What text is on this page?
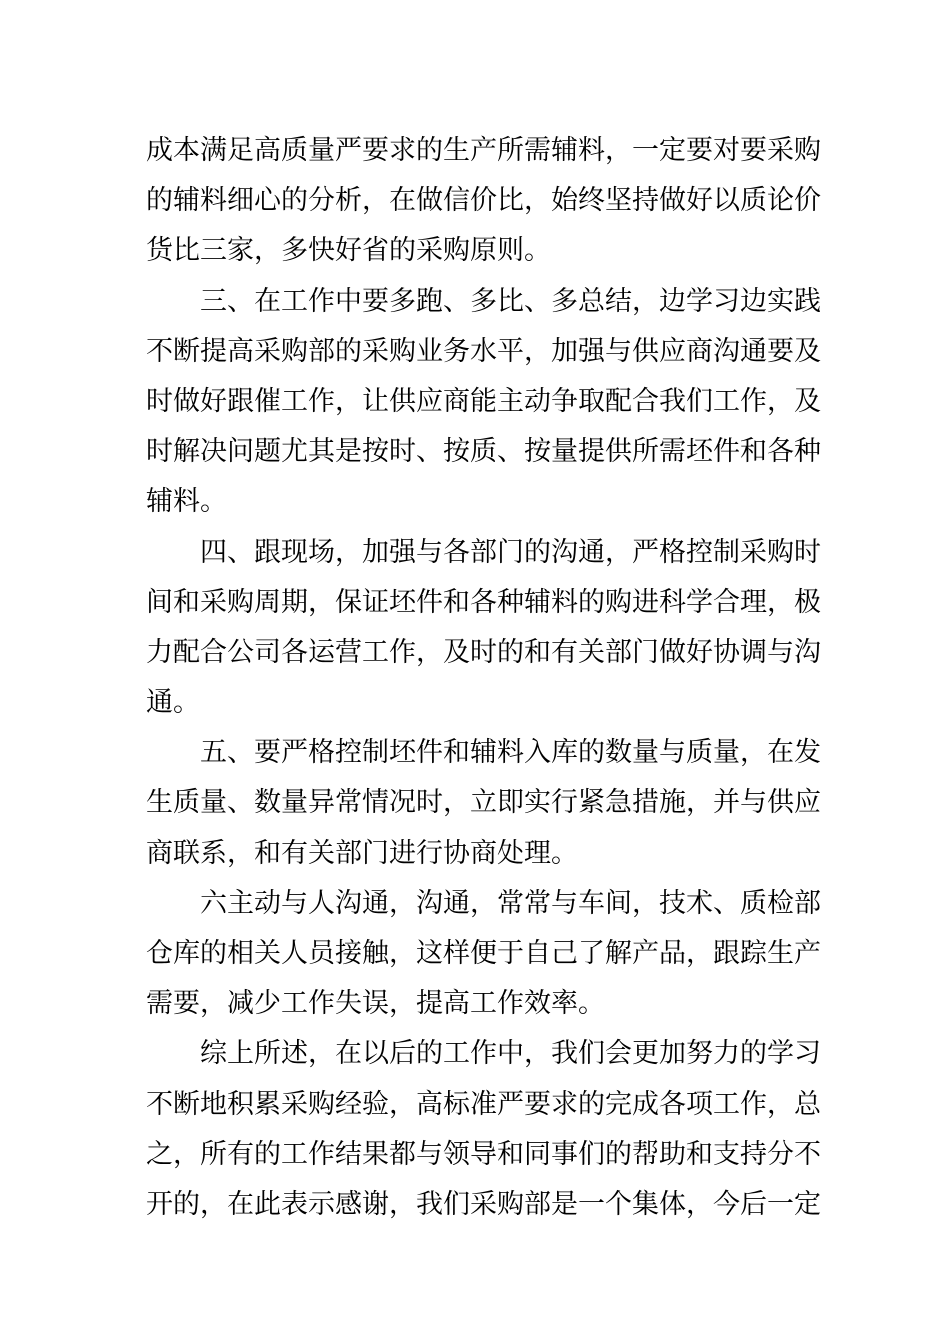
成本满足高质量严要求的生产所需辅料，一定要对要采购
的辅料细心的分析，在做信价比，始终坚持做好以质论价
货比三家，多快好省的采购原则。
三、在工作中要多跑、多比、多总结，边学习边实践
不断提高采购部的采购业务水平，加强与供应商沟通要及
时做好跟催工作，让供应商能主动争取配合我们工作，及
时解决问题尤其是按时、按质、按量提供所需坯件和各种
辅料。
四、跟现场，加强与各部门的沟通，严格控制采购时
间和采购周期，保证坯件和各种辅料的购进科学合理，极
力配合公司各运营工作，及时的和有关部门做好协调与沟
通。
五、要严格控制坯件和辅料入库的数量与质量，在发
生质量、数量异常情况时，立即实行紧急措施，并与供应
商联系，和有关部门进行协商处理。
六主动与人沟通，沟通，常常与车间，技术、质检部
仓库的相关人员接触，这样便于自己了解产品，跟踪生产
需要，减少工作失误，提高工作效率。
综上所述，在以后的工作中，我们会更加努力的学习
不断地积累采购经验，高标准严要求的完成各项工作，总
之，所有的工作结果都与领导和同事们的帮助和支持分不
开的，在此表示感谢，我们采购部是一个集体，今后一定
